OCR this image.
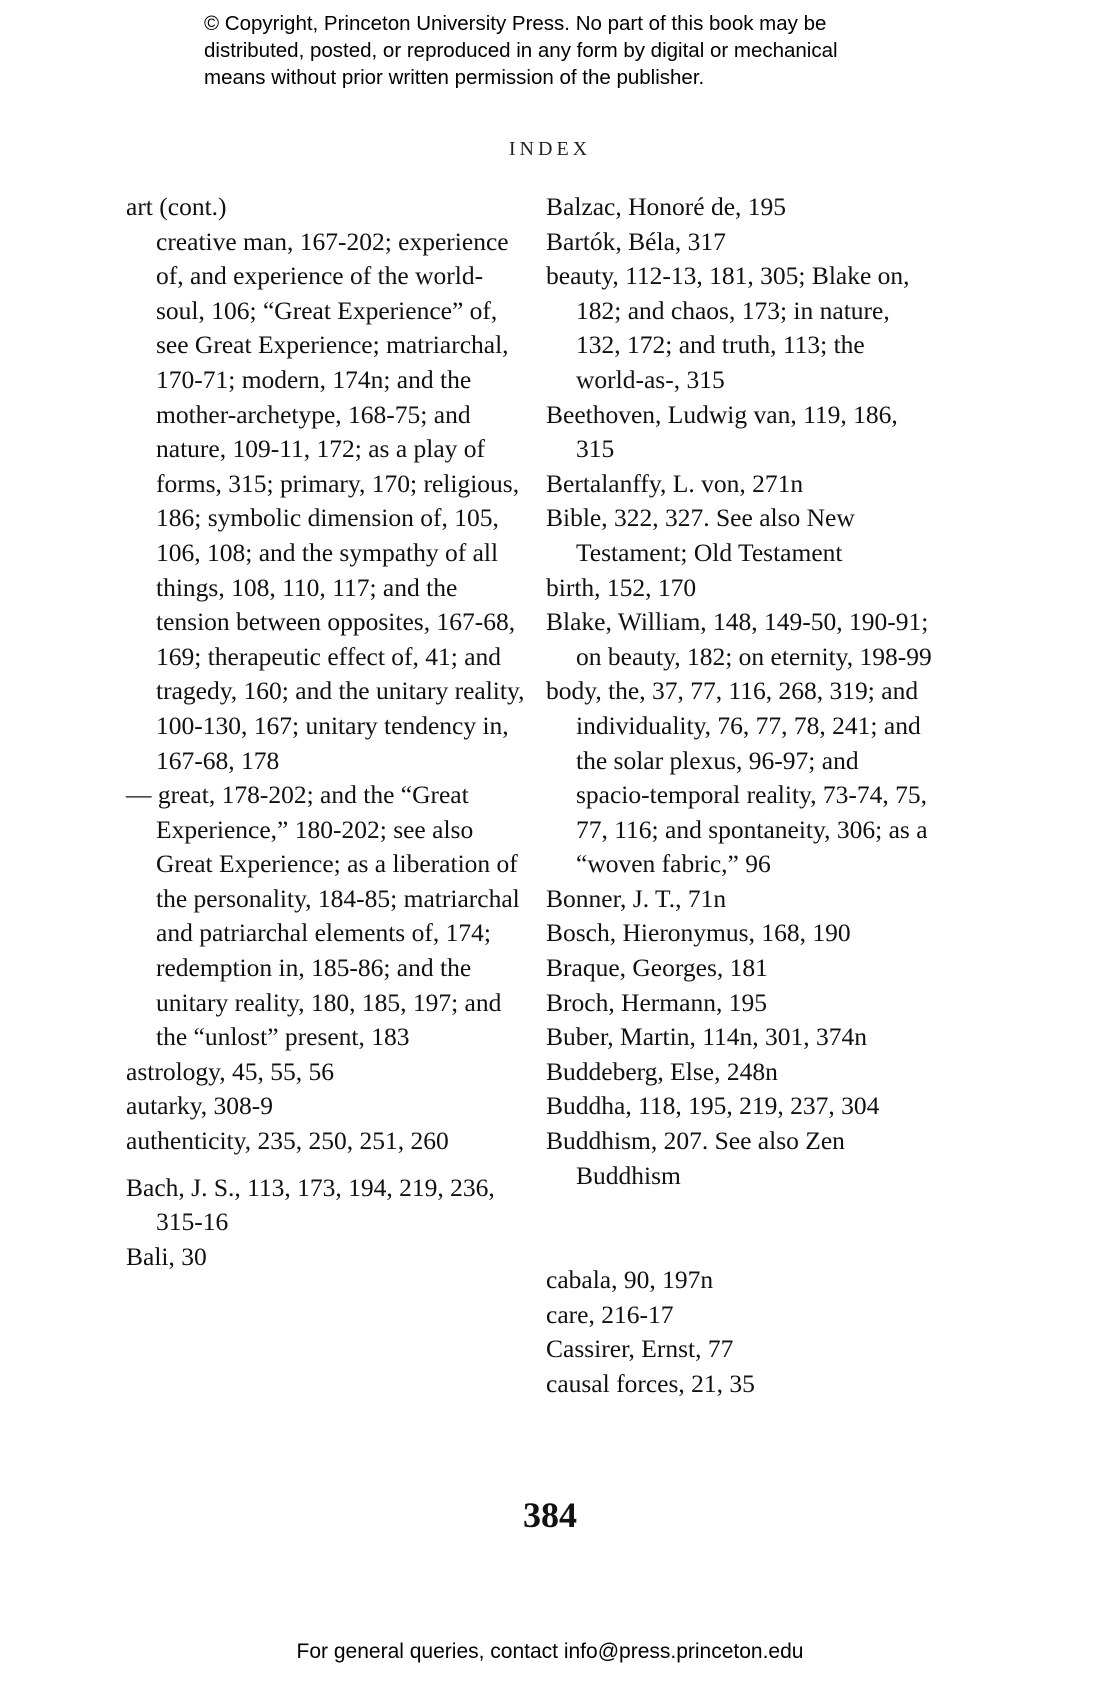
© Copyright, Princeton University Press. No part of this book may be
distributed, posted, or reproduced in any form by digital or mechanical
means without prior written permission of the publisher.
INDEX
art (cont.)
creative man, 167-202; experience of, and experience of the world-soul, 106; “Great Experience” of, see Great Experience; matriarchal, 170-71; modern, 174n; and the mother-archetype, 168-75; and nature, 109-11, 172; as a play of forms, 315; primary, 170; religious, 186; symbolic dimension of, 105, 106, 108; and the sympathy of all things, 108, 110, 117; and the tension between opposites, 167-68, 169; therapeutic effect of, 41; and tragedy, 160; and the unitary reality, 100-130, 167; unitary tendency in, 167-68, 178
— great, 178-202; and the “Great Experience,” 180-202; see also Great Experience; as a liberation of the personality, 184-85; matriarchal and patriarchal elements of, 174; redemption in, 185-86; and the unitary reality, 180, 185, 197; and the “unlost” present, 183
astrology, 45, 55, 56
autarky, 308-9
authenticity, 235, 250, 251, 260
Bach, J. S., 113, 173, 194, 219, 236, 315-16
Bali, 30
Balzac, Honoré de, 195
Bartók, Béla, 317
beauty, 112-13, 181, 305; Blake on, 182; and chaos, 173; in nature, 132, 172; and truth, 113; the world-as-, 315
Beethoven, Ludwig van, 119, 186, 315
Bertalanffy, L. von, 271n
Bible, 322, 327. See also New Testament; Old Testament
birth, 152, 170
Blake, William, 148, 149-50, 190-91; on beauty, 182; on eternity, 198-99
body, the, 37, 77, 116, 268, 319; and individuality, 76, 77, 78, 241; and the solar plexus, 96-97; and spacio-temporal reality, 73-74, 75, 77, 116; and spontaneity, 306; as a “woven fabric,” 96
Bonner, J. T., 71n
Bosch, Hieronymus, 168, 190
Braque, Georges, 181
Broch, Hermann, 195
Buber, Martin, 114n, 301, 374n
Buddeberg, Else, 248n
Buddha, 118, 195, 219, 237, 304
Buddhism, 207. See also Zen Buddhism
cabala, 90, 197n
care, 216-17
Cassirer, Ernst, 77
causal forces, 21, 35
384
For general queries, contact info@press.princeton.edu
